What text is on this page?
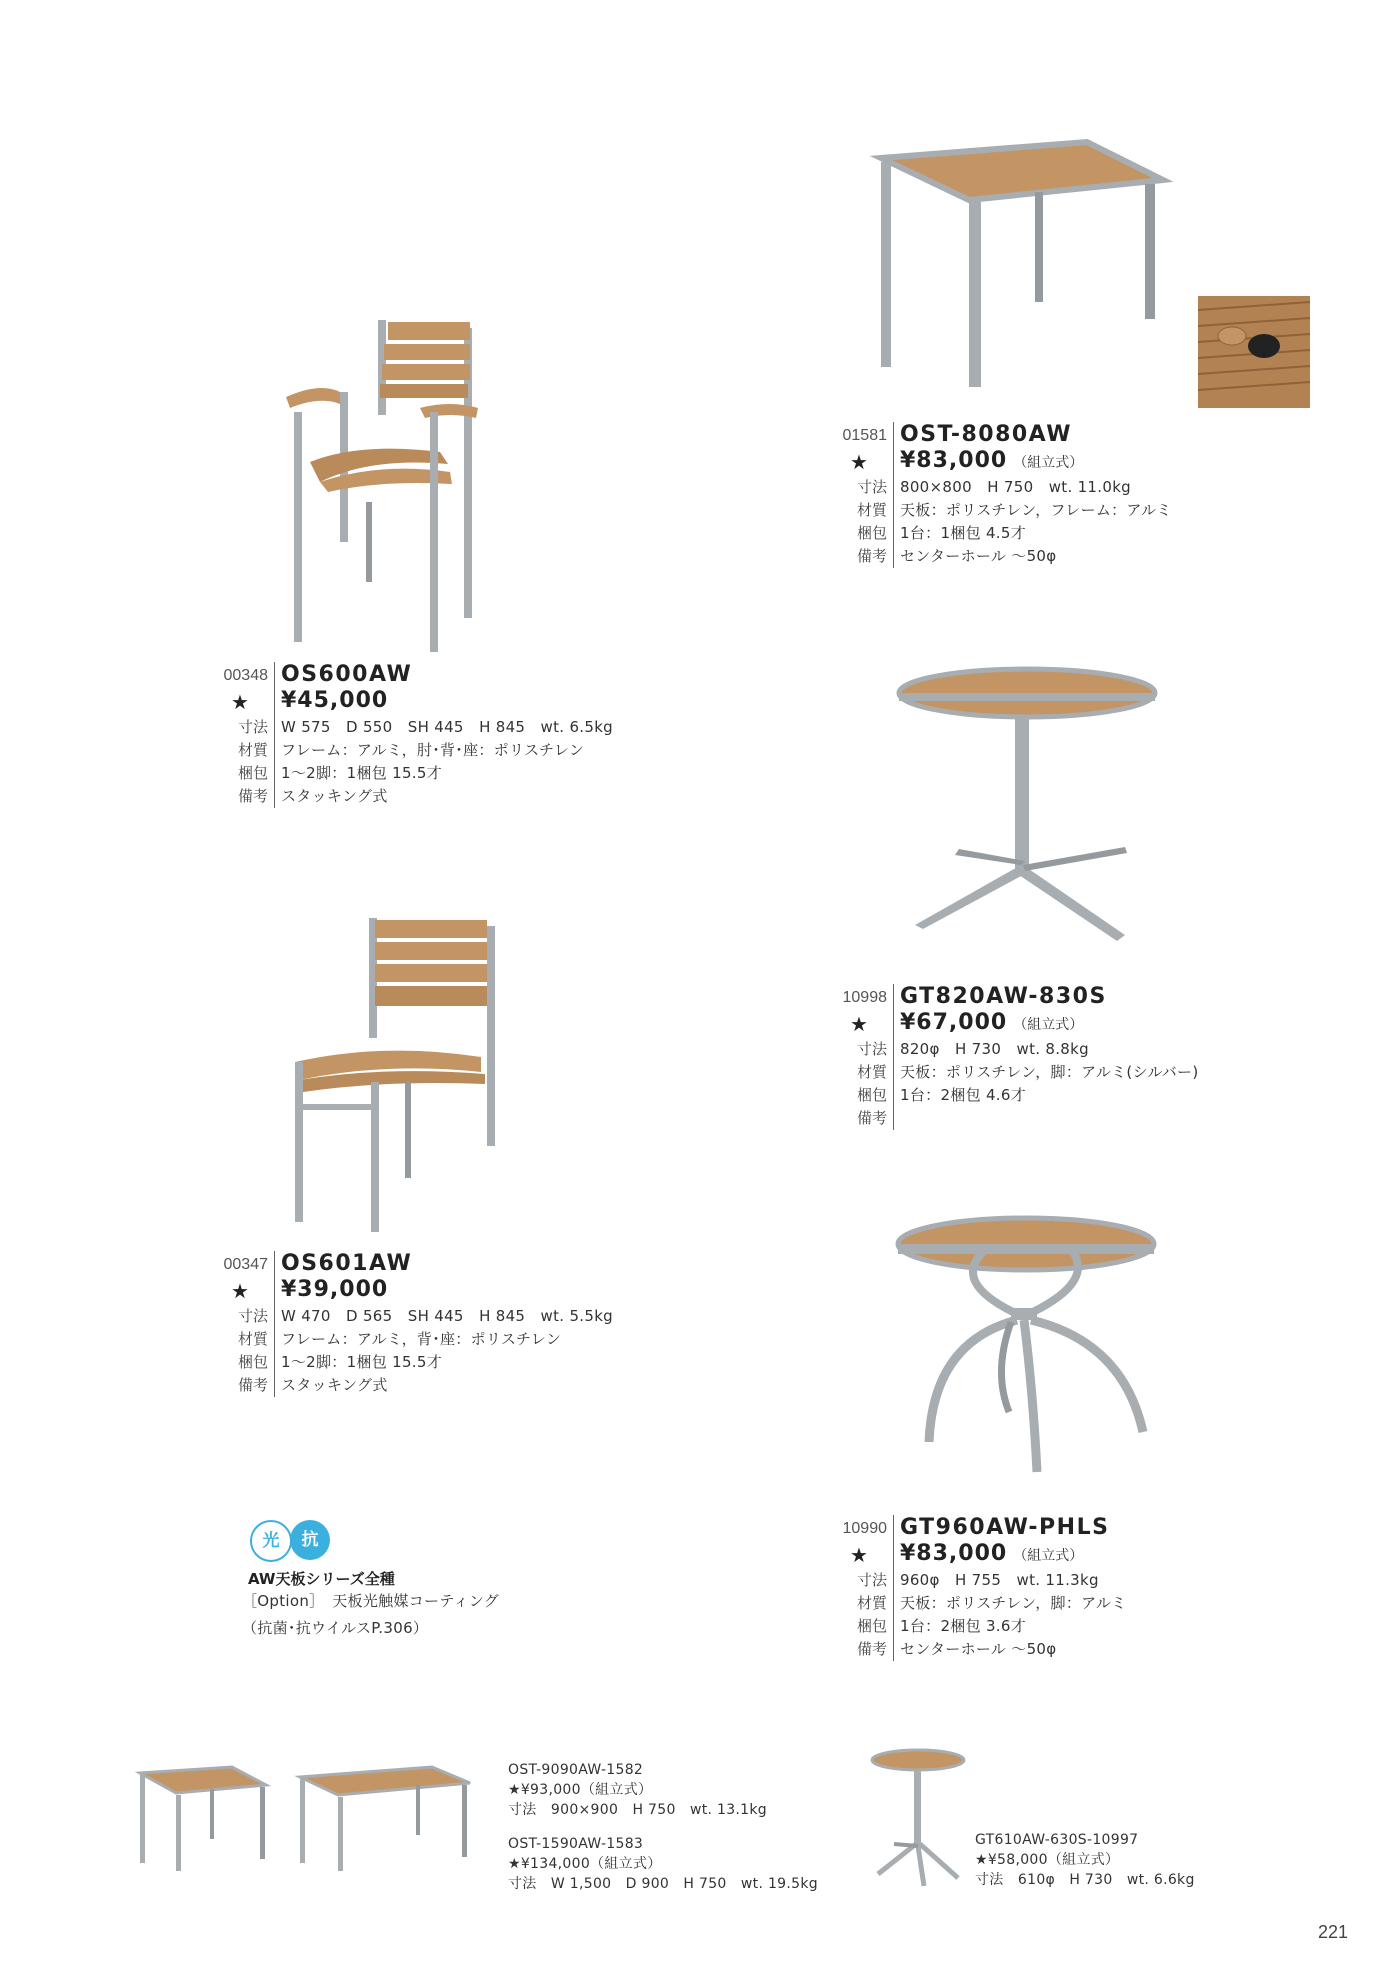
00348 OS600AW
★	¥45,000
寸法 W 575　D 550　SH 445　H 845　wt. 6.5kg
材質 フレーム：アルミ，肘･背･座：ポリスチレン
梱包 1～2脚：1梱包 15.5才
備考 スタッキング式
01581 OST-8080AW
★	¥83,000 （組立式）
寸法 800×800　H 750　wt. 11.0kg
材質 天板：ポリスチレン，フレーム：アルミ
梱包 1台：1梱包 4.5才
備考 センターホール ～50φ
10998 GT820AW-830S
★	¥67,000 （組立式）
寸法 820φ　H 730　wt. 8.8kg
材質 天板：ポリスチレン，脚：アルミ(シルバー)
梱包 1台：2梱包 4.6才
備考
00347 OS601AW
★	¥39,000
寸法 W 470　D 565　SH 445　H 845　wt. 5.5kg
材質 フレーム：アルミ，背･座：ポリスチレン
梱包 1～2脚：1梱包 15.5才
備考 スタッキング式
10990 GT960AW-PHLS
★	¥83,000 （組立式）
寸法 960φ　H 755　wt. 11.3kg
材質 天板：ポリスチレン，脚：アルミ
梱包 1台：2梱包 3.6才
備考 センターホール ～50φ
光	抗
AW天板シリーズ全種
［Option］　天板光触媒コーティング
（抗菌･抗ウイルスP.306）
OST-9090AW-1582
★¥93,000（組立式）
寸法　900×900　H 750　wt. 13.1kg
OST-1590AW-1583
★¥134,000（組立式）
寸法　W 1,500　D 900　H 750　wt. 19.5kg
GT610AW-630S-10997
★¥58,000（組立式）
寸法　610φ　H 730　wt. 6.6kg
221
